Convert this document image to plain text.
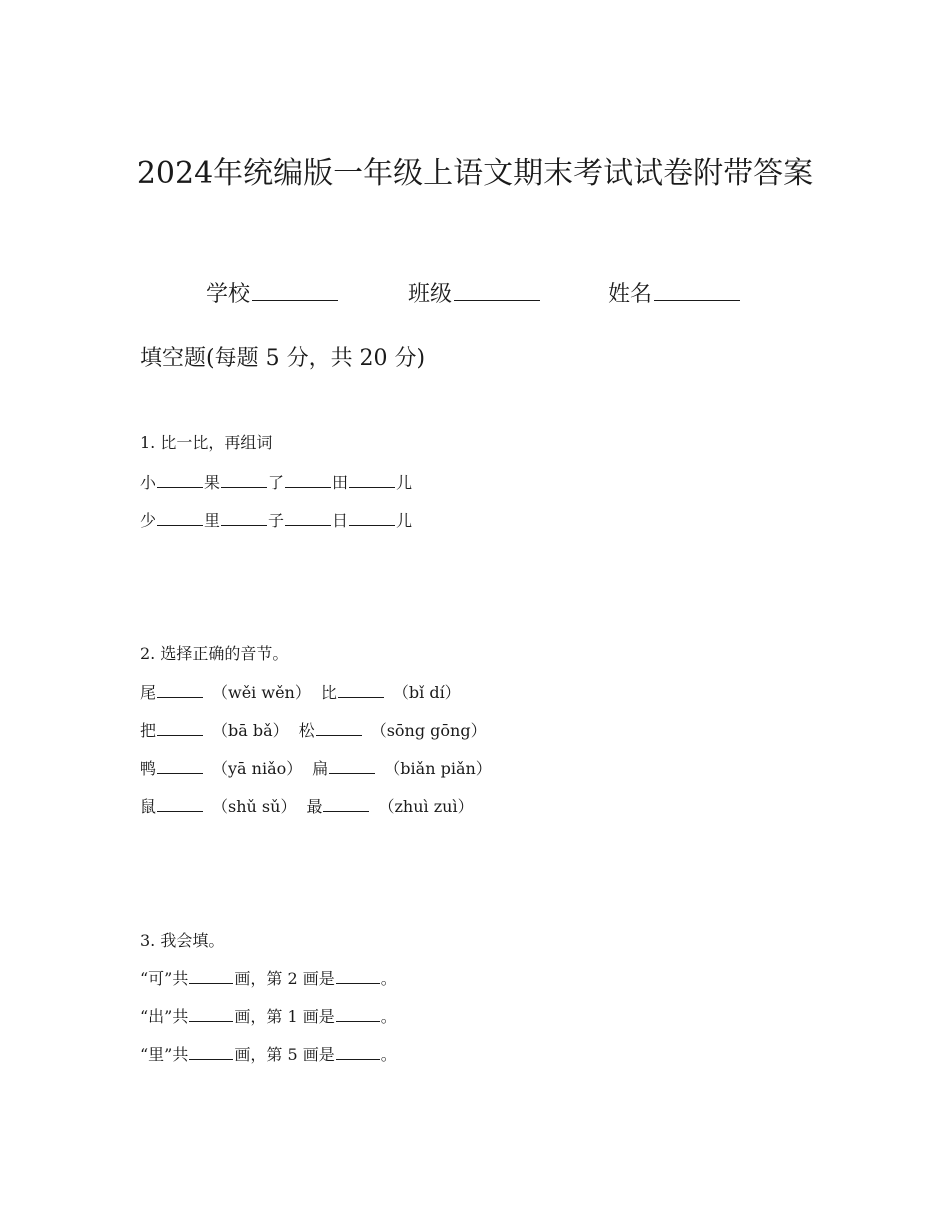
2024年统编版一年级上语文期末考试试卷附带答案
学校	班级	姓名
填空题(每题 5 分，共 20 分)
1. 比一比，再组词
小	果	了	田	儿
少	里	子	日	儿
2. 选择正确的音节。
尾	（wěi wěn） 比	（bǐ dí）
把	（bā bǎ） 松	（sōng gōng）
鸭	（yā niǎo） 扁	（biǎn piǎn）
鼠	（shǔ sǔ） 最	（zhuì zuì）
3. 我会填。
“可”共	画，第 2 画是	。
“出”共	画，第 1 画是	。
“里”共	画，第 5 画是	。
